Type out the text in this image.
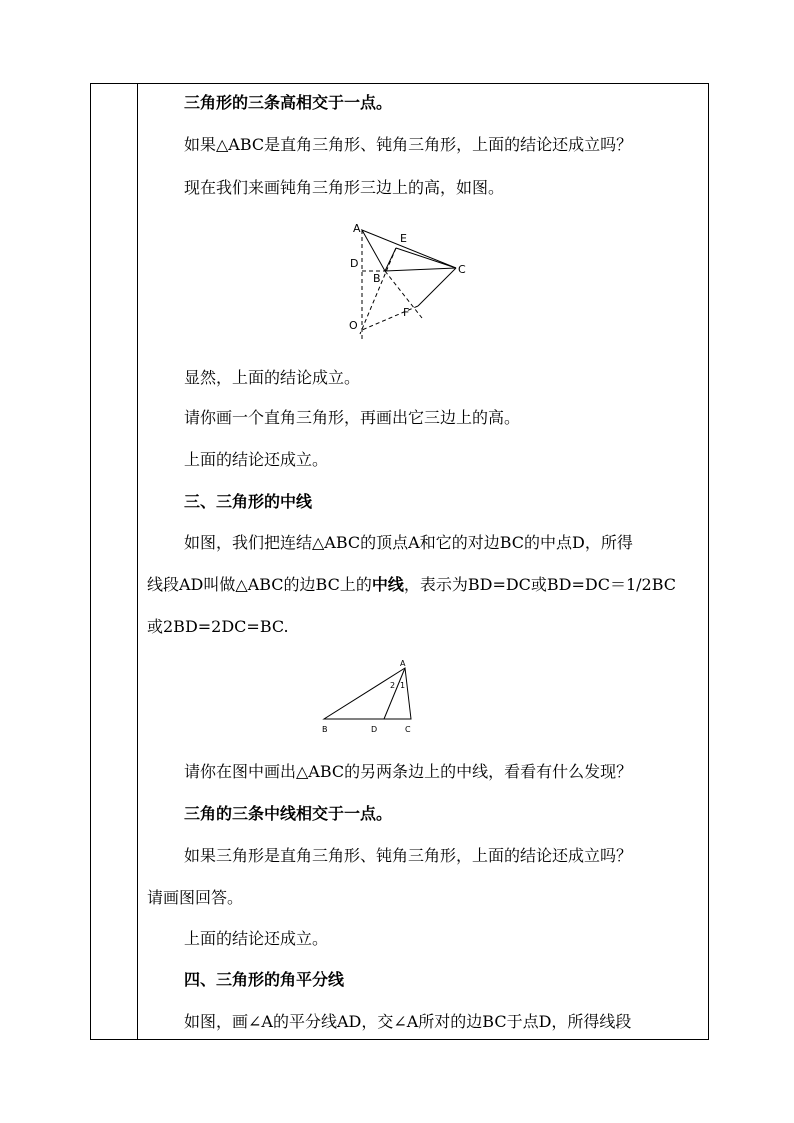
三角形的三条高相交于一点。
如果△ABC是直角三角形、钝角三角形，上面的结论还成立吗？
现在我们来画钝角三角形三边上的高，如图。
A
E
D
B
C
F
O
显然，上面的结论成立。
请你画一个直角三角形，再画出它三边上的高。
上面的结论还成立。
三、三角形的中线
如图，我们把连结△ABC的顶点A和它的对边BC的中点D，所得
线段AD叫做△ABC的边BC上的中线，表示为BD=DC或BD=DC＝1/2BC
或2BD=2DC=BC.
A
B	D	C
2 1
请你在图中画出△ABC的另两条边上的中线，看看有什么发现？
三角的三条中线相交于一点。
如果三角形是直角三角形、钝角三角形，上面的结论还成立吗？
请画图回答。
上面的结论还成立。
四、三角形的角平分线
如图，画∠A的平分线AD，交∠A所对的边BC于点D，所得线段
